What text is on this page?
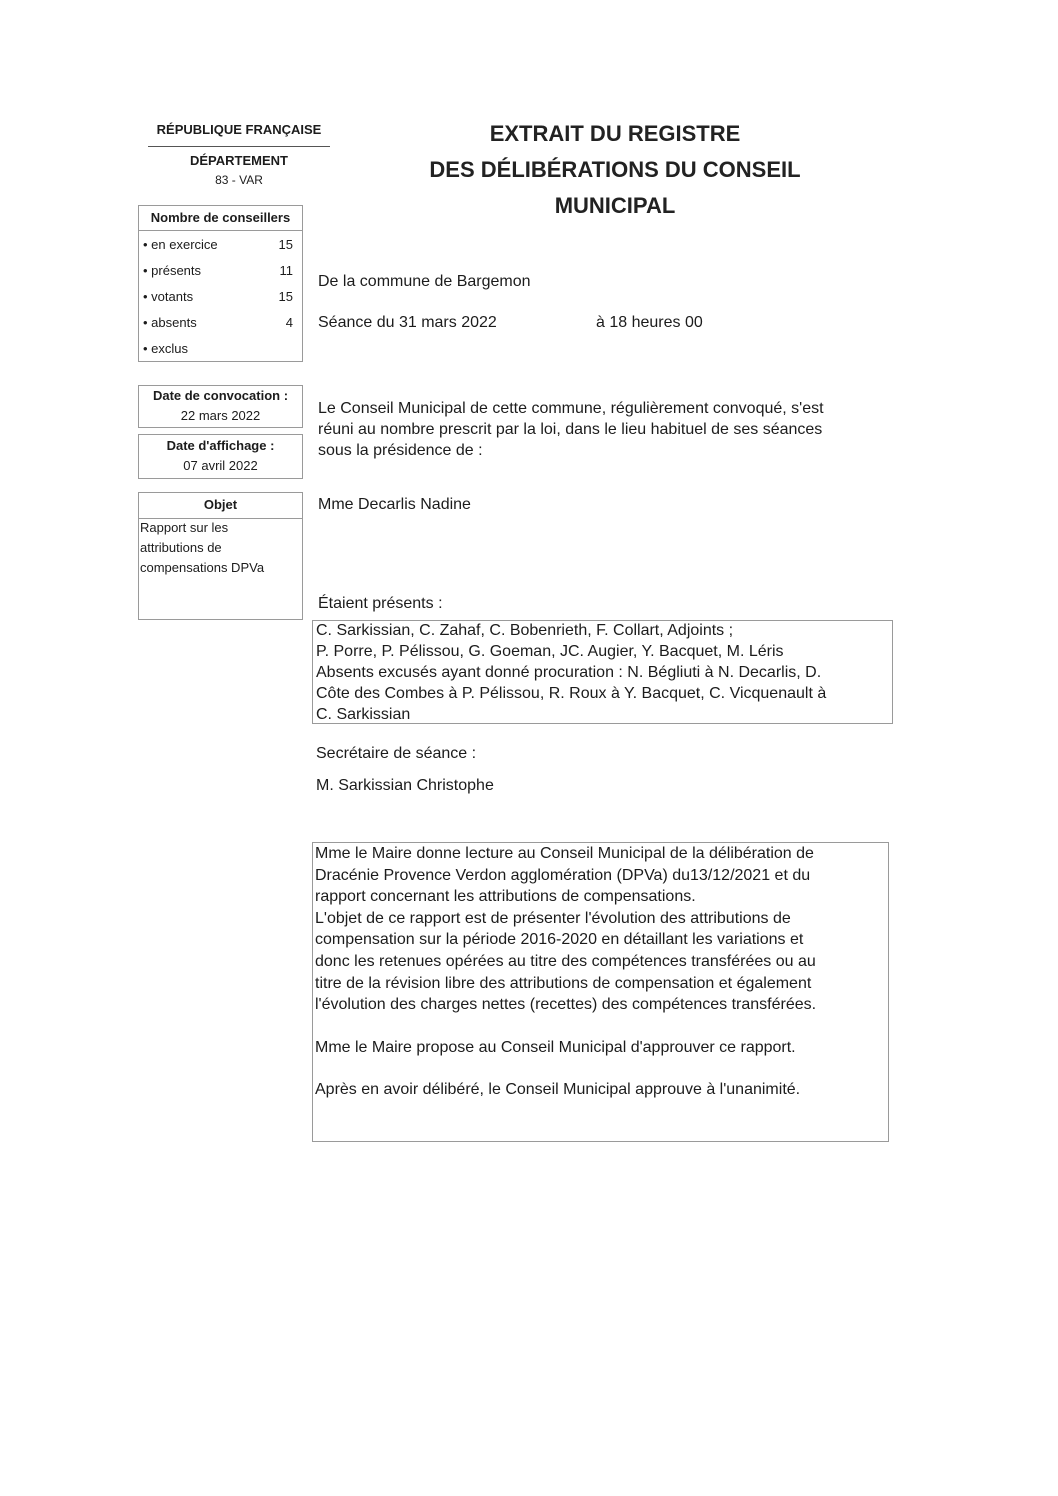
RÉPUBLIQUE FRANÇAISE
DÉPARTEMENT
83 - VAR
EXTRAIT DU REGISTRE
DES DÉLIBÉRATIONS DU CONSEIL
MUNICIPAL
Nombre de conseillers
• en exercice	15
• présents	11
• votants	15
• absents	4
• exclus
Date de convocation :
22 mars 2022
Date d'affichage :
07 avril 2022
Objet
Rapport sur les
attributions de
compensations DPVa
De la commune de Bargemon
Séance du 31 mars 2022	à 18 heures 00
Le Conseil Municipal de cette commune, régulièrement convoqué, s'est
réuni au nombre prescrit par la loi, dans le lieu habituel de ses séances
sous la présidence de :
Mme Decarlis Nadine
Étaient présents :
C. Sarkissian, C. Zahaf, C. Bobenrieth, F. Collart, Adjoints ;
P. Porre, P. Pélissou, G. Goeman, JC. Augier, Y. Bacquet, M. Léris
Absents excusés ayant donné procuration : N. Bégliuti à N. Decarlis, D.
Côte des Combes à P. Pélissou, R. Roux à Y. Bacquet, C. Vicquenault à
C. Sarkissian
Secrétaire de séance :
M. Sarkissian Christophe

Mme le Maire donne lecture au Conseil Municipal de la délibération de

Dracénie Provence Verdon agglomération (DPVa) du13/12/2021 et du

rapport concernant les attributions de compensations.

L'objet de ce rapport est de présenter l'évolution des attributions de

compensation sur la période 2016-2020 en détaillant les variations et

donc les retenues opérées au titre des compétences transférées ou au

titre de la révision libre des attributions de compensation et également

l'évolution des charges nettes (recettes) des compétences transférées.

Mme le Maire propose au Conseil Municipal d'approuver ce rapport.

Après en avoir délibéré, le Conseil Municipal approuve à l'unanimité.
